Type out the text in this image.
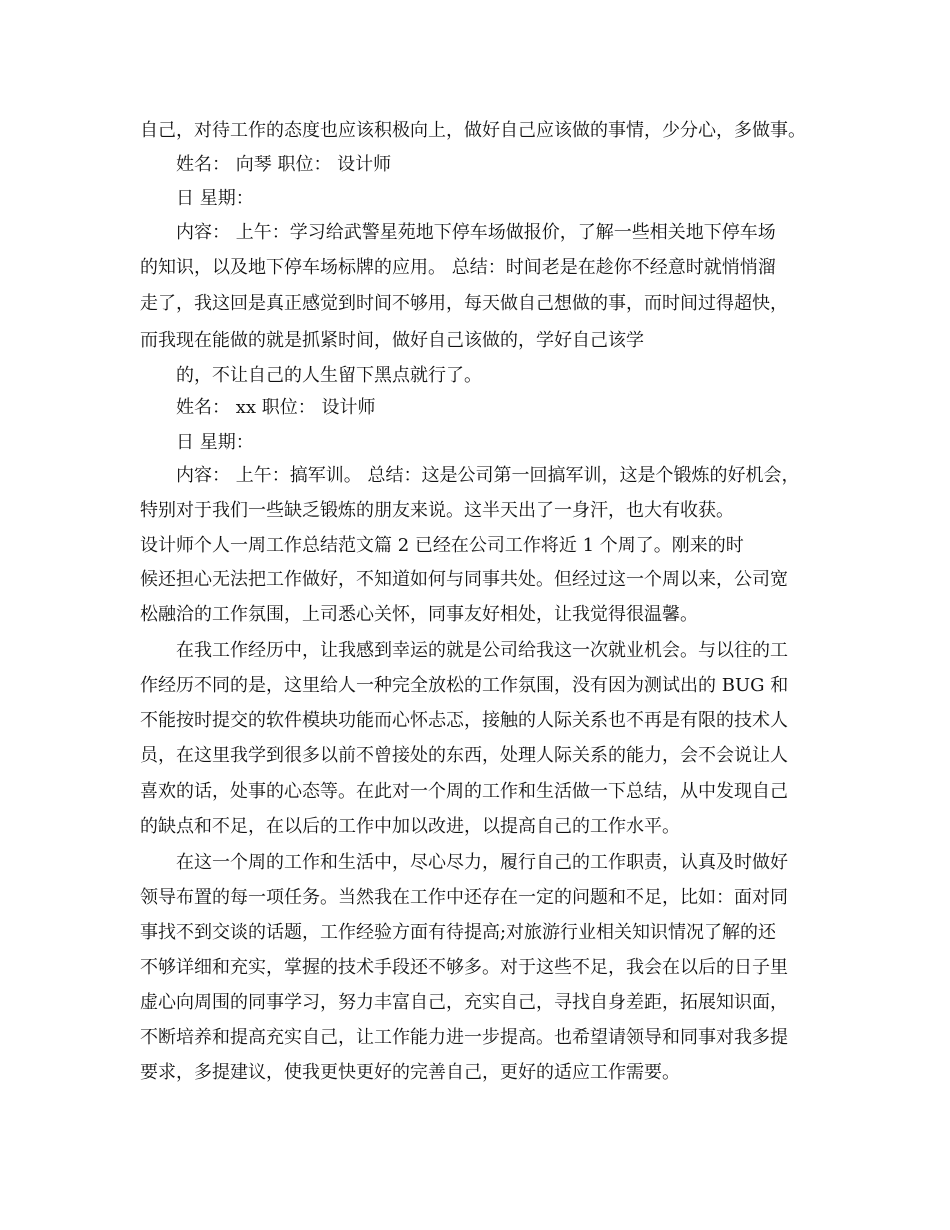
自己，对待工作的态度也应该积极向上，做好自己应该做的事情，少分心，多做事。

姓名： 向琴 职位： 设计师

日 星期：

内容： 上午：学习给武警星苑地下停车场做报价，了解一些相关地下停车场

的知识，以及地下停车场标牌的应用。 总结：时间老是在趁你不经意时就悄悄溜

走了，我这回是真正感觉到时间不够用，每天做自己想做的事，而时间过得超快，

而我现在能做的就是抓紧时间，做好自己该做的，学好自己该学

的，不让自己的人生留下黑点就行了。

姓名： xx 职位： 设计师

日 星期：

内容： 上午：搞军训。 总结：这是公司第一回搞军训，这是个锻炼的好机会，

特别对于我们一些缺乏锻炼的朋友来说。这半天出了一身汗，也大有收获。

设计师个人一周工作总结范文篇 2 已经在公司工作将近 1 个周了。刚来的时

候还担心无法把工作做好，不知道如何与同事共处。但经过这一个周以来，公司宽

松融洽的工作氛围，上司悉心关怀，同事友好相处，让我觉得很温馨。

在我工作经历中，让我感到幸运的就是公司给我这一次就业机会。与以往的工

作经历不同的是，这里给人一种完全放松的工作氛围，没有因为测试出的 BUG 和

不能按时提交的软件模块功能而心怀忐忑，接触的人际关系也不再是有限的技术人

员，在这里我学到很多以前不曾接处的东西，处理人际关系的能力，会不会说让人

喜欢的话，处事的心态等。在此对一个周的工作和生活做一下总结，从中发现自己

的缺点和不足，在以后的工作中加以改进，以提高自己的工作水平。

在这一个周的工作和生活中，尽心尽力，履行自己的工作职责，认真及时做好

领导布置的每一项任务。当然我在工作中还存在一定的问题和不足，比如：面对同

事找不到交谈的话题，工作经验方面有待提高;对旅游行业相关知识情况了解的还

不够详细和充实，掌握的技术手段还不够多。对于这些不足，我会在以后的日子里

虚心向周围的同事学习，努力丰富自己，充实自己，寻找自身差距，拓展知识面，

不断培养和提高充实自己，让工作能力进一步提高。也希望请领导和同事对我多提

要求，多提建议，使我更快更好的完善自己，更好的适应工作需要。
